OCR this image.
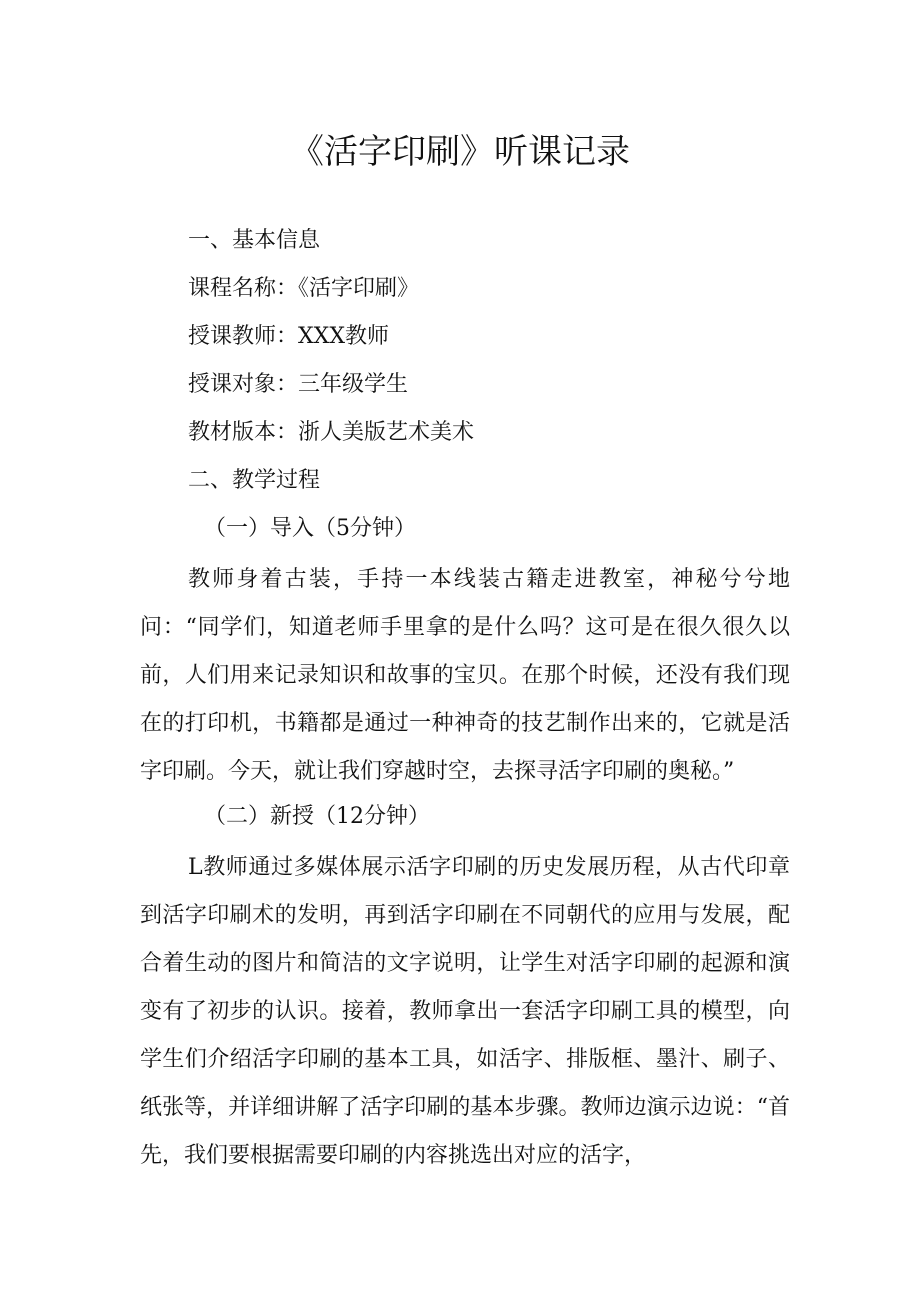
《活字印刷》听课记录

一、基本信息

课程名称：《活字印刷》

授课教师：XXX教师

授课对象：三年级学生

教材版本：浙人美版艺术美术

二、教学过程

（一）导入（5分钟）

教师身着古装，手持一本线装古籍走进教室，神秘兮兮地问：“同学们，知道老师手里拿的是什么吗？这可是在很久很久以前，人们用来记录知识和故事的宝贝。在那个时候，还没有我们现在的打印机，书籍都是通过一种神奇的技艺制作出来的，它就是活字印刷。今天，就让我们穿越时空，去探寻活字印刷的奥秘。”

（二）新授（12分钟）

L教师通过多媒体展示活字印刷的历史发展历程，从古代印章到活字印刷术的发明，再到活字印刷在不同朝代的应用与发展，配合着生动的图片和简洁的文字说明，让学生对活字印刷的起源和演变有了初步的认识。接着，教师拿出一套活字印刷工具的模型，向学生们介绍活字印刷的基本工具，如活字、排版框、墨汁、刷子、纸张等，并详细讲解了活字印刷的基本步骤。教师边演示边说：“首先，我们要根据需要印刷的内容挑选出对应的活字，
